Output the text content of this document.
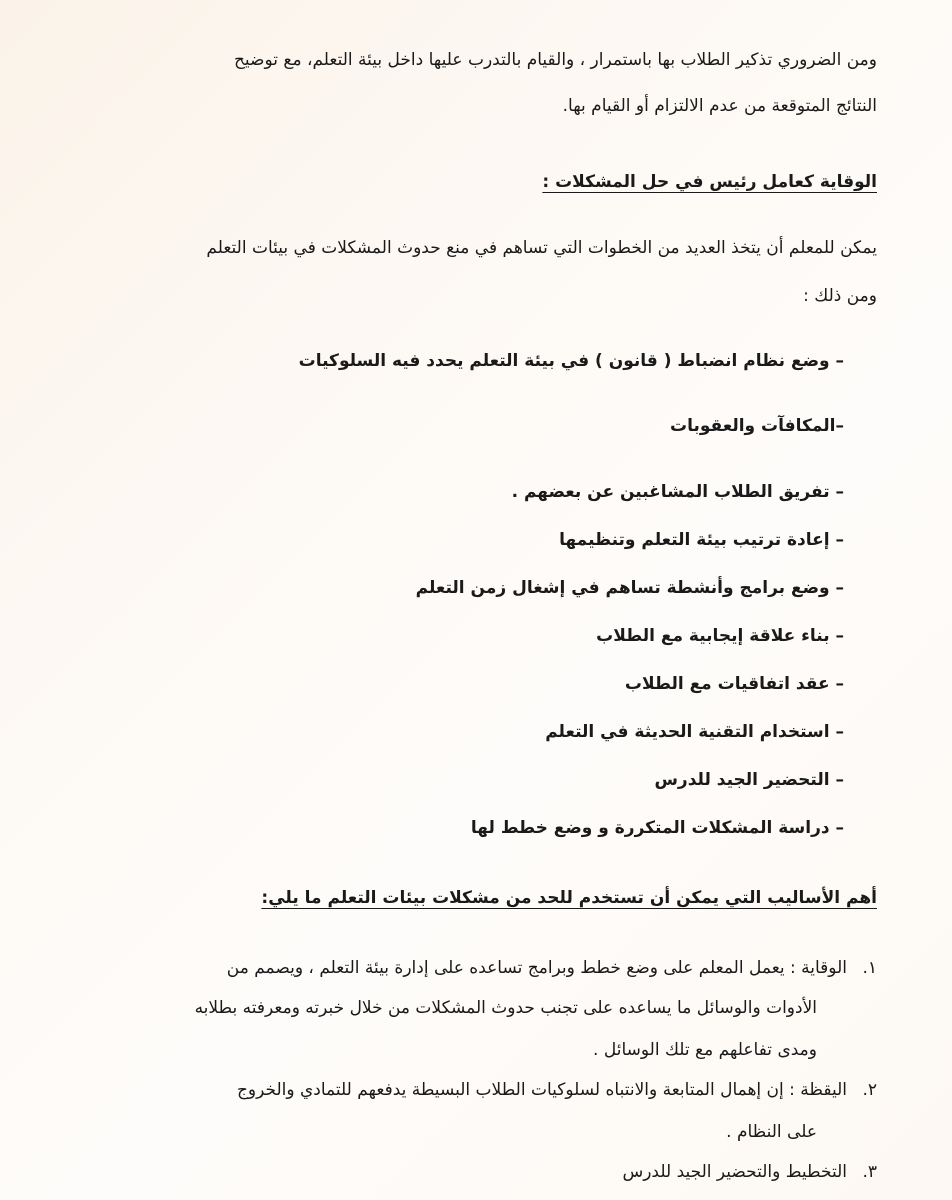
ومن الضروري تذكير الطلاب بها باستمرار ، والقيام بالتدرب عليها داخل بيئة التعلم، مع توضيح
النتائج المتوقعة من عدم الالتزام أو القيام بها.
الوقاية كعامل رئيس في حل المشكلات :
يمكن للمعلم أن يتخذ العديد من الخطوات التي تساهم في منع حدوث المشكلات في بيئات التعلم
ومن ذلك :
– وضع نظام انضباط ( قانون ) في بيئة التعلم يحدد فيه السلوكيات
–المكافآت والعقوبات
– تفريق الطلاب المشاغبين عن بعضهم .
– إعادة ترتيب بيئة التعلم وتنظيمها
– وضع برامج وأنشطة تساهم في إشغال زمن التعلم
– بناء علاقة إيجابية مع الطلاب
– عقد اتفاقيات مع الطلاب
– استخدام التقنية الحديثة في التعلم
– التحضير الجيد للدرس
– دراسة المشكلات المتكررة و وضع خطط لها
أهم الأساليب التي يمكن أن تستخدم للحد من مشكلات بيئات التعلم ما يلي:
١.الوقاية : يعمل المعلم على وضع خطط وبرامج تساعده على إدارة بيئة التعلم ، ويصمم من
الأدوات والوسائل ما يساعده على تجنب حدوث المشكلات من خلال خبرته ومعرفته بطلابه
ومدى تفاعلهم مع تلك الوسائل .
٢.اليقظة : إن إهمال المتابعة والانتباه لسلوكيات الطلاب البسيطة يدفعهم للتمادي والخروج
على النظام .
٣.التخطيط والتحضير الجيد للدرس
